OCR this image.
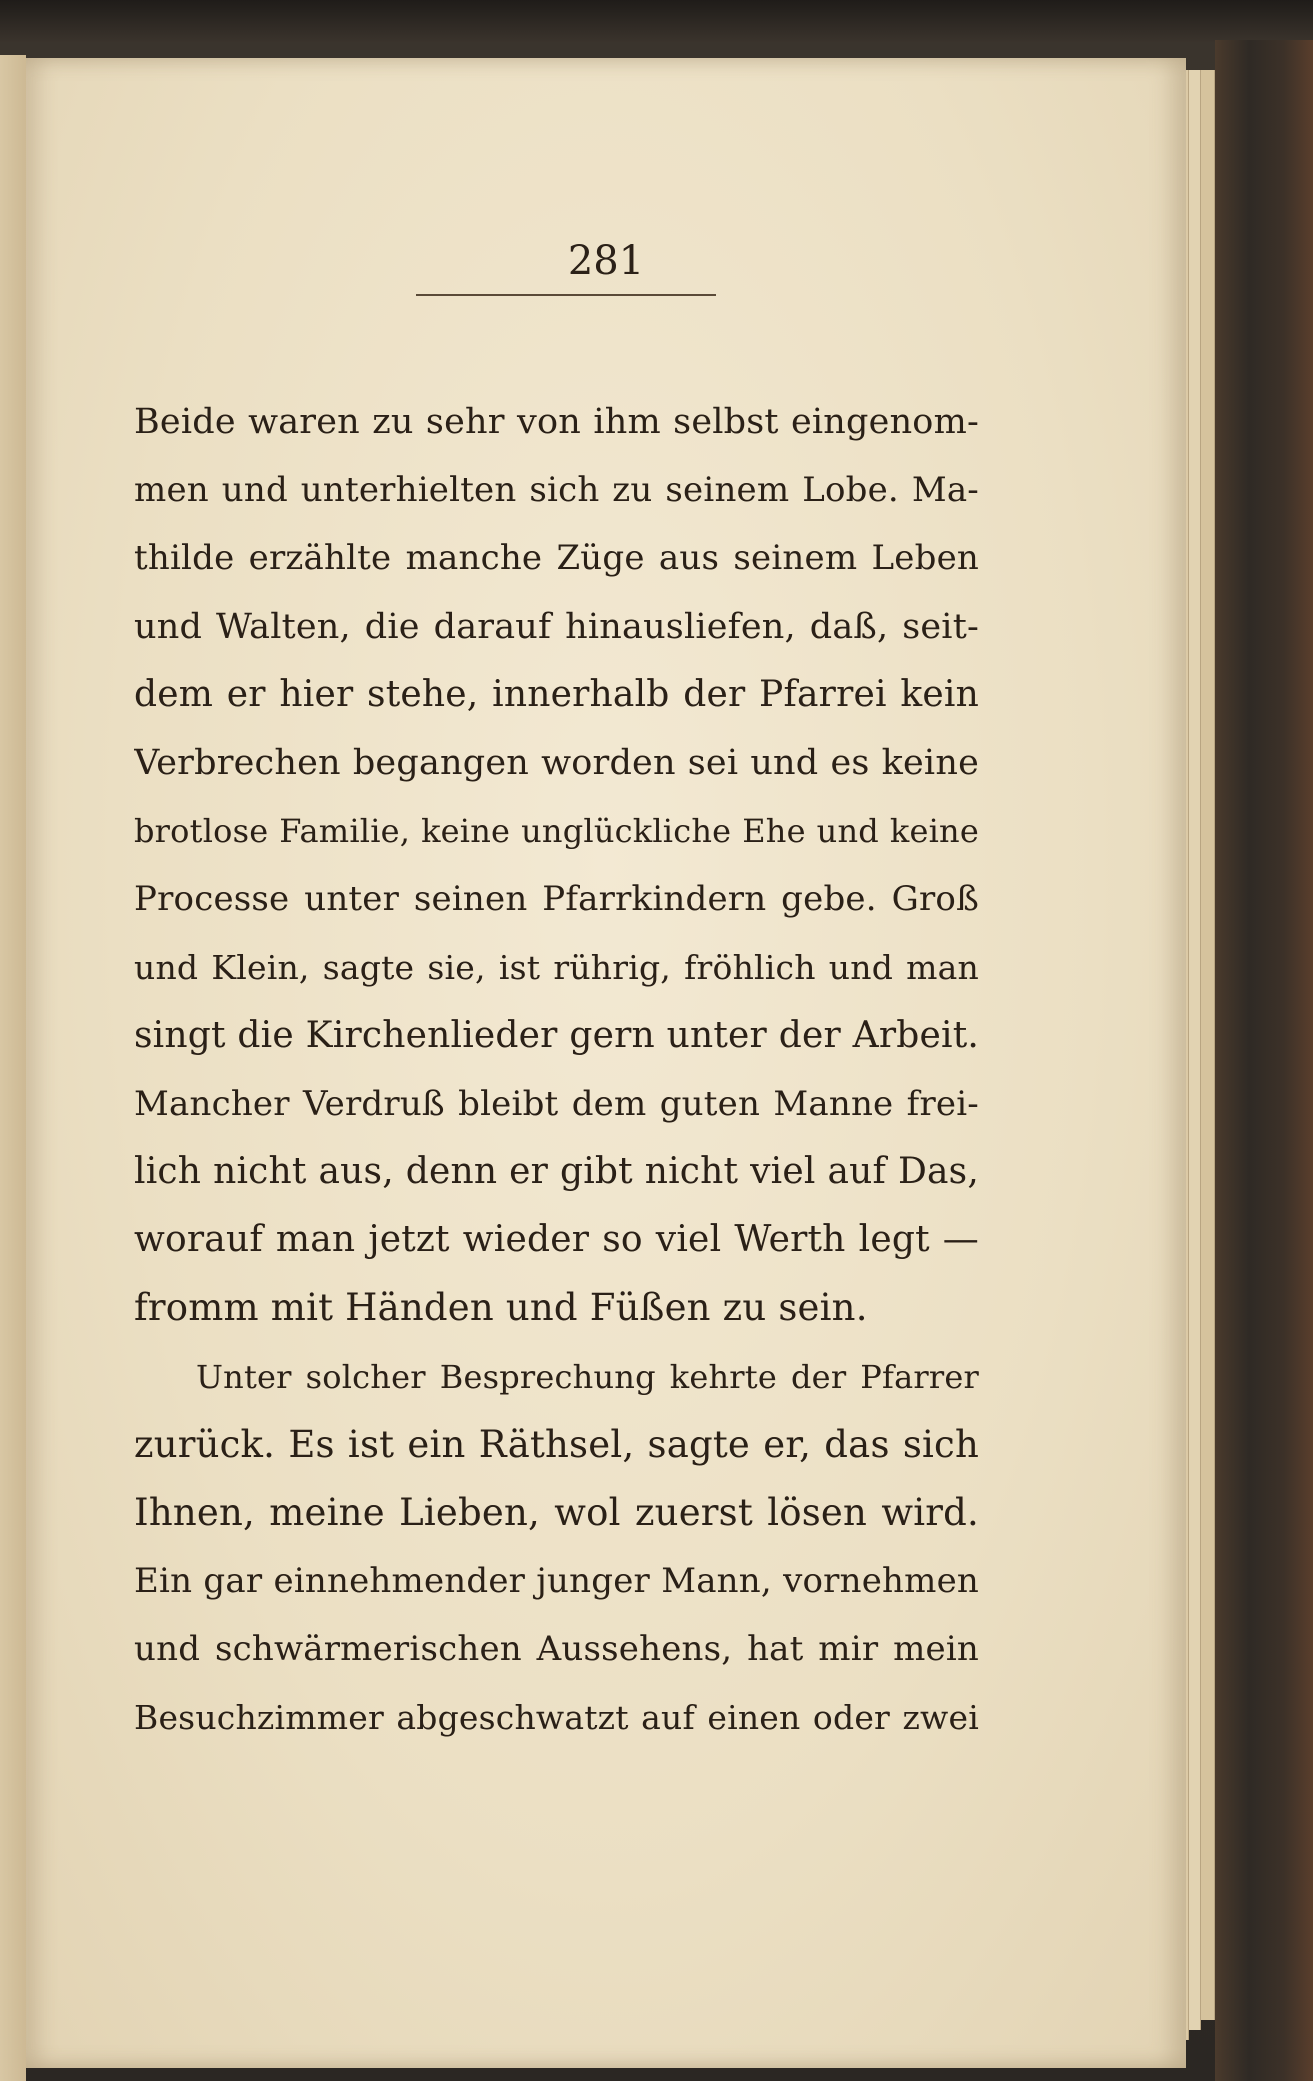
281
Beide waren zu sehr von ihm selbst eingenom-
men und unterhielten sich zu seinem Lobe. Ma-
thilde erzählte manche Züge aus seinem Leben
und Walten, die darauf hinausliefen, daß, seit-
dem er hier stehe, innerhalb der Pfarrei kein
Verbrechen begangen worden sei und es keine
brotlose Familie, keine unglückliche Ehe und keine
Processe unter seinen Pfarrkindern gebe. Groß
und Klein, sagte sie, ist rührig, fröhlich und man
singt die Kirchenlieder gern unter der Arbeit.
Mancher Verdruß bleibt dem guten Manne frei-
lich nicht aus, denn er gibt nicht viel auf Das,
worauf man jetzt wieder so viel Werth legt —
fromm mit Händen und Füßen zu sein.
Unter solcher Besprechung kehrte der Pfarrer
zurück. Es ist ein Räthsel, sagte er, das sich
Ihnen, meine Lieben, wol zuerst lösen wird.
Ein gar einnehmender junger Mann, vornehmen
und schwärmerischen Aussehens, hat mir mein
Besuchzimmer abgeschwatzt auf einen oder zwei
